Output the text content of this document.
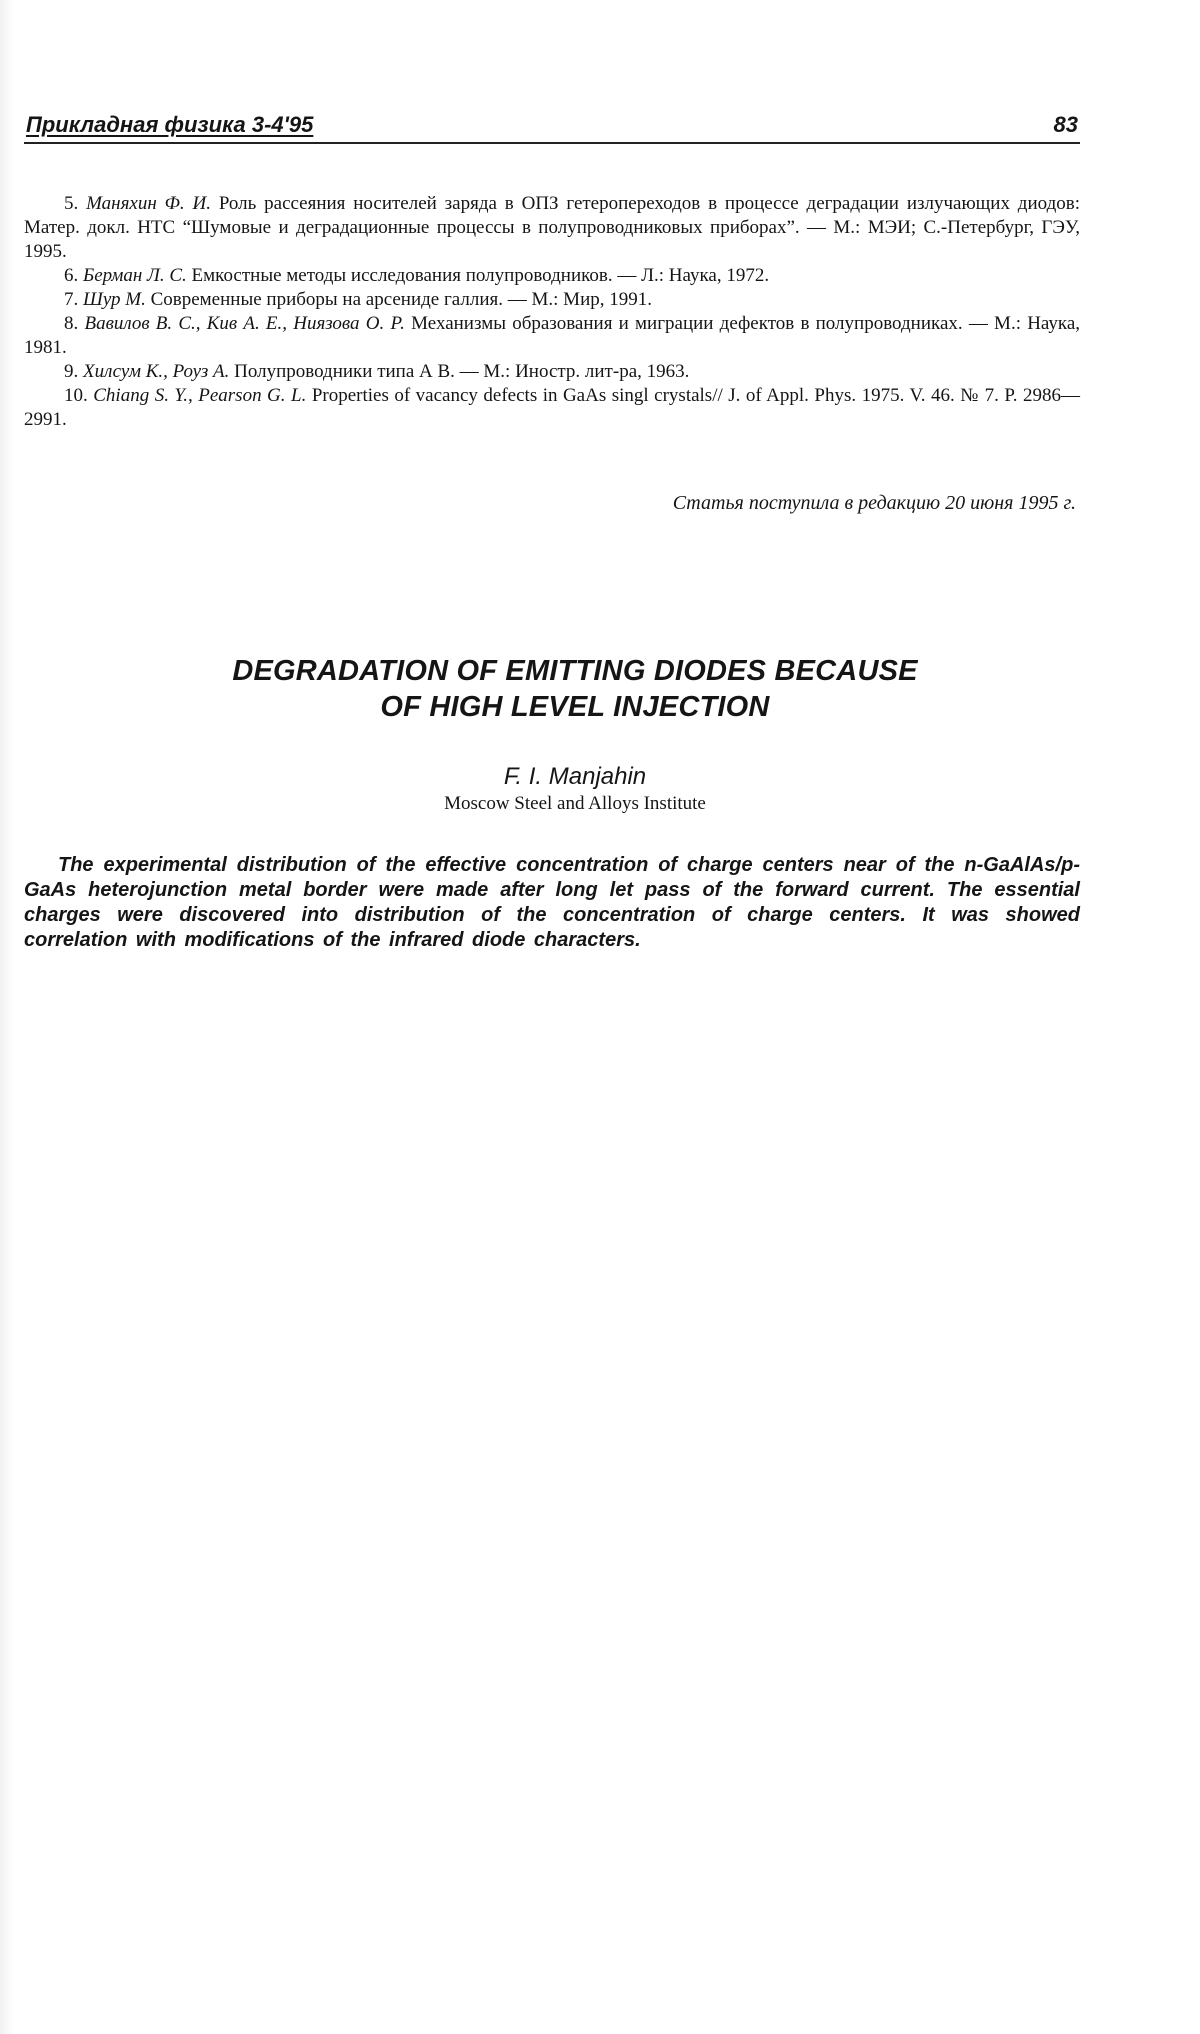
Прикладная физика 3-4'95	83

5. Маняхин Ф. И. Роль рассеяния носителей заряда в ОПЗ гетеропереходов в процессе деградации излучающих диодов: Матер. докл. НТС “Шумовые и деградационные процессы в полупроводниковых приборах”. — М.: МЭИ; С.-Петербург, ГЭУ, 1995.

6. Берман Л. С. Емкостные методы исследования полупроводников. — Л.: Наука, 1972.

7. Шур М. Современные приборы на арсениде галлия. — М.: Мир, 1991.

8. Вавилов В. С., Кив А. Е., Ниязова О. Р. Механизмы образования и миграции дефектов в полупроводниках. — М.: Наука, 1981.

9. Хилсум К., Роуз А. Полупроводники типа А В. — М.: Иностр. лит-ра, 1963.

10. Chiang S. Y., Pearson G. L. Properties of vacancy defects in GaAs singl crystals// J. of Appl. Phys. 1975. V. 46. № 7. P. 2986—2991.

Статья поступила в редакцию 20 июня 1995 г.
DEGRADATION OF EMITTING DIODES BECAUSE
OF HIGH LEVEL INJECTION
F. I. Manjahin
Moscow Steel and Alloys Institute

The experimental distribution of the effective concentration of charge centers near of the n-GaAlAs/p-GaAs heterojunction metal border were made after long let pass of the forward current. The essential charges were discovered into distribution of the concentration of charge centers. It was showed correlation with modifications of the infrared diode characters.
